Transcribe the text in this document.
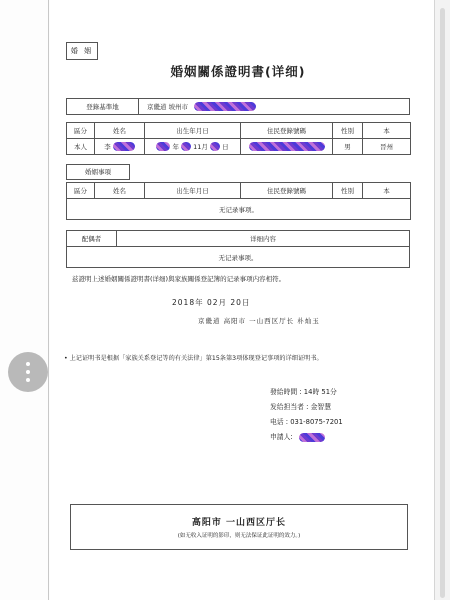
婚 姻
婚姻關係證明書(详细)
登錄基準地	京畿道 坡州市
區分	姓名	出生年月日	住民登錄號碼	性別	本
本人	李	年 11月 日		男	晉州
婚姻事項
區分	姓名	出生年月日	住民登錄號碼	性別	本
无记录事项。
配偶者	详细内容
无记录事项。
兹證明上述婚姻關係證明書(详细)與家族關係登記簿的记录事项内容相符。
2018年 02月 20日
京畿道 高阳市 一山西区厅长 朴灿玉
• 上记证明书是根据「家族关系登记等的有关法律」第15条第3项体现登记事项的详细证明书。
發給時間 : 14時 51分
发给担当者 : 金智慧
电话 : 031-8075-7201
申請人:
高阳市 一山西区厅长
(如无收入证明的影印，则无法保证此证明的效力。)
